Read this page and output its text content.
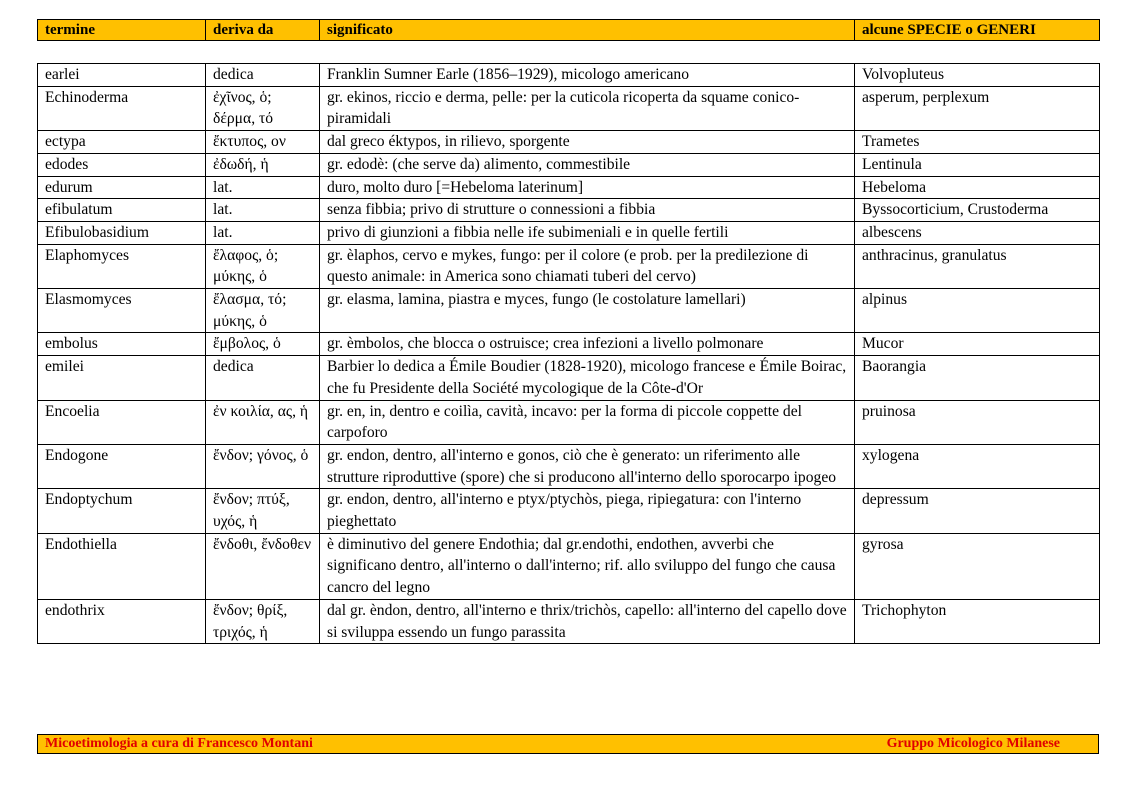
termine	deriva da	significato	alcune SPECIE o GENERI
earlei	dedica	Franklin Sumner Earle (1856–1929), micologo americano	Volvopluteus
Echinoderma	ἐχῖνος, ὁ; δέρμα, τό	gr. ekinos, riccio e derma, pelle: per la cuticola ricoperta da squame conico-piramidali	asperum, perplexum
ectypa	ἔκτυπος, ον	dal greco éktypos, in rilievo, sporgente	Trametes
edodes	ἐδωδή, ἡ	gr. edodè: (che serve da) alimento, commestibile	Lentinula
edurum	lat.	duro, molto duro [=Hebeloma laterinum]	Hebeloma
efibulatum	lat.	senza fibbia; privo di strutture o connessioni a fibbia	Byssocorticium, Crustoderma
Efibulobasidium	lat.	privo di giunzioni a fibbia nelle ife subimeniali e in quelle fertili	albescens
Elaphomyces	ἔλαφος, ὁ; μύκης, ὁ	gr. èlaphos, cervo e mykes, fungo: per il colore (e prob. per la predilezione di questo animale: in America sono chiamati tuberi del cervo)	anthracinus, granulatus
Elasmomyces	ἔλασμα, τό; μύκης, ὁ	gr. elasma, lamina, piastra e myces, fungo (le costolature lamellari)	alpinus
embolus	ἔμβολος, ὁ	gr. èmbolos, che blocca o ostruisce; crea infezioni a livello polmonare	Mucor
emilei	dedica	Barbier lo dedica a Émile Boudier (1828-1920), micologo francese e Émile Boirac, che fu Presidente della Société mycologique de la Côte-d'Or	Baorangia
Encoelia	ἐν κοιλία, ας, ἡ	gr. en, in, dentro e coilìa, cavità, incavo: per la forma di piccole coppette del carpoforo	pruinosa
Endogone	ἔνδον; γόνος, ὁ	gr. endon, dentro, all'interno e gonos, ciò che è generato: un riferimento alle strutture riproduttive (spore) che si producono all'interno dello sporocarpo ipogeo	xylogena
Endoptychum	ἔνδον; πτύξ, υχός, ἡ	gr. endon, dentro, all'interno e ptyx/ptychòs, piega, ripiegatura: con l'interno pieghettato	depressum
Endothiella	ἔνδοθι, ἔνδοθεν	è diminutivo del genere Endothia; dal gr.endothi, endothen, avverbi che significano dentro, all'interno o dall'interno; rif. allo sviluppo del fungo che causa cancro del legno	gyrosa
endothrix	ἔνδον; θρίξ, τριχός, ἡ	dal gr. èndon, dentro, all'interno e thrix/trichòs, capello: all'interno del capello dove si sviluppa essendo un fungo parassita	Trichophyton
Micoetimologia a cura di Francesco Montani	Gruppo Micologico Milanese
